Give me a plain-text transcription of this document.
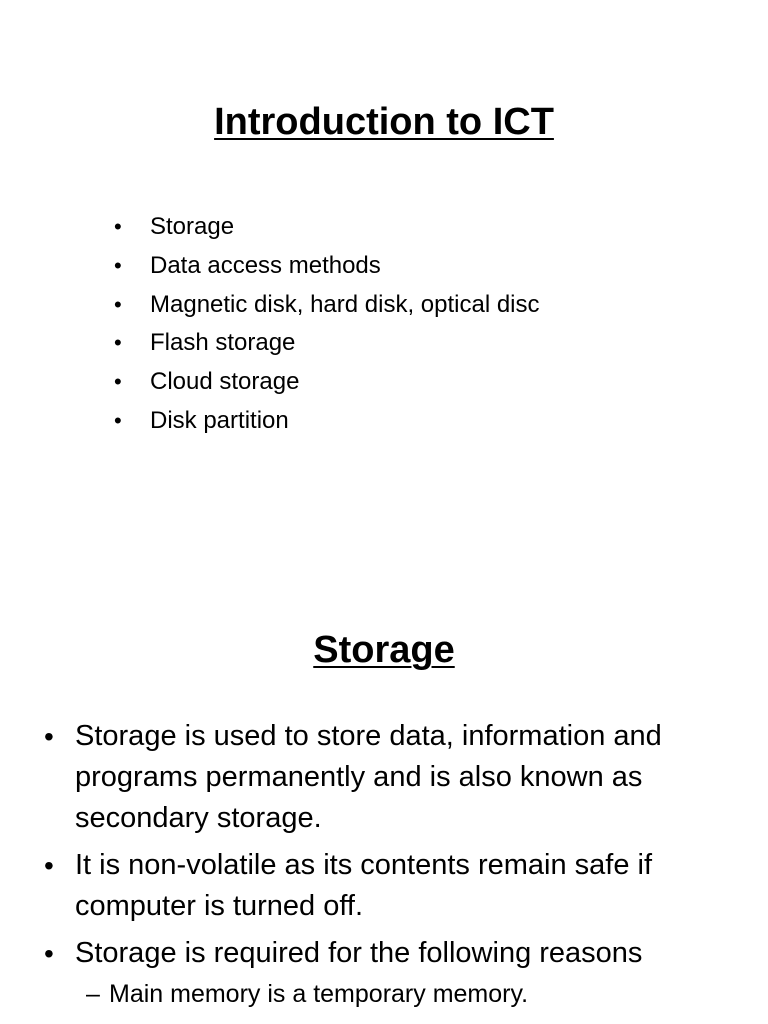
Introduction to ICT
• Storage
• Data access methods
• Magnetic disk, hard disk, optical disc
• Flash storage
• Cloud storage
• Disk partition
Storage
• Storage is used to store data, information and programs permanently and is also known as secondary storage.
• It is non-volatile as its contents remain safe if computer is turned off.
• Storage is required for the following reasons
– Main memory is a temporary memory.
